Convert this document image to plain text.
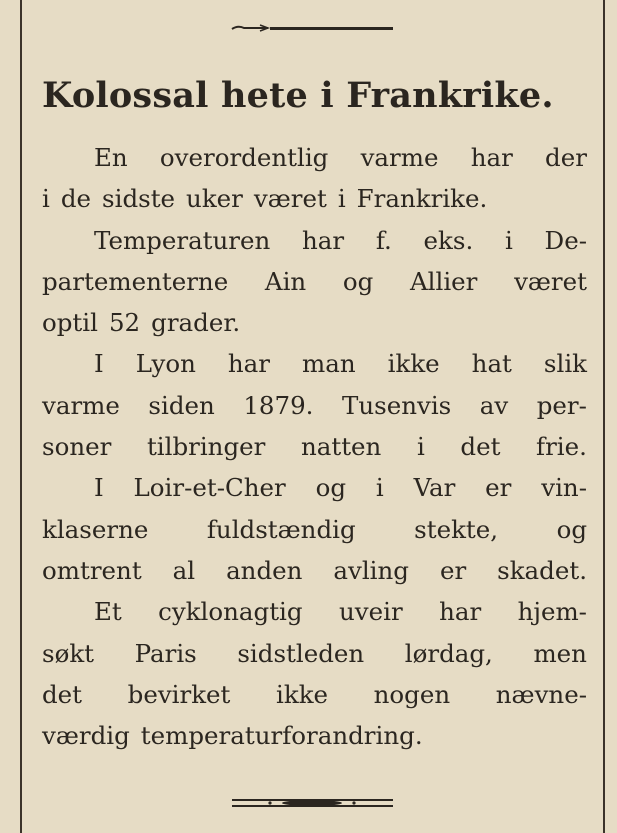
Kolossal hete i Frankrike.
En overordentlig varme har der
i de sidste uker været i Frankrike.
Temperaturen har f. eks. i De-
partementerne Ain og Allier været
optil 52 grader.
I Lyon har man ikke hat slik
varme siden 1879. Tusenvis av per-
soner tilbringer natten i det frie.
I Loir-et-Cher og i Var er vin-
klaserne fuldstændig stekte, og
omtrent al anden avling er skadet.
Et cyklonagtig uveir har hjem-
søkt Paris sidstleden lørdag, men
det bevirket ikke nogen nævne-
værdig temperaturforandring.
